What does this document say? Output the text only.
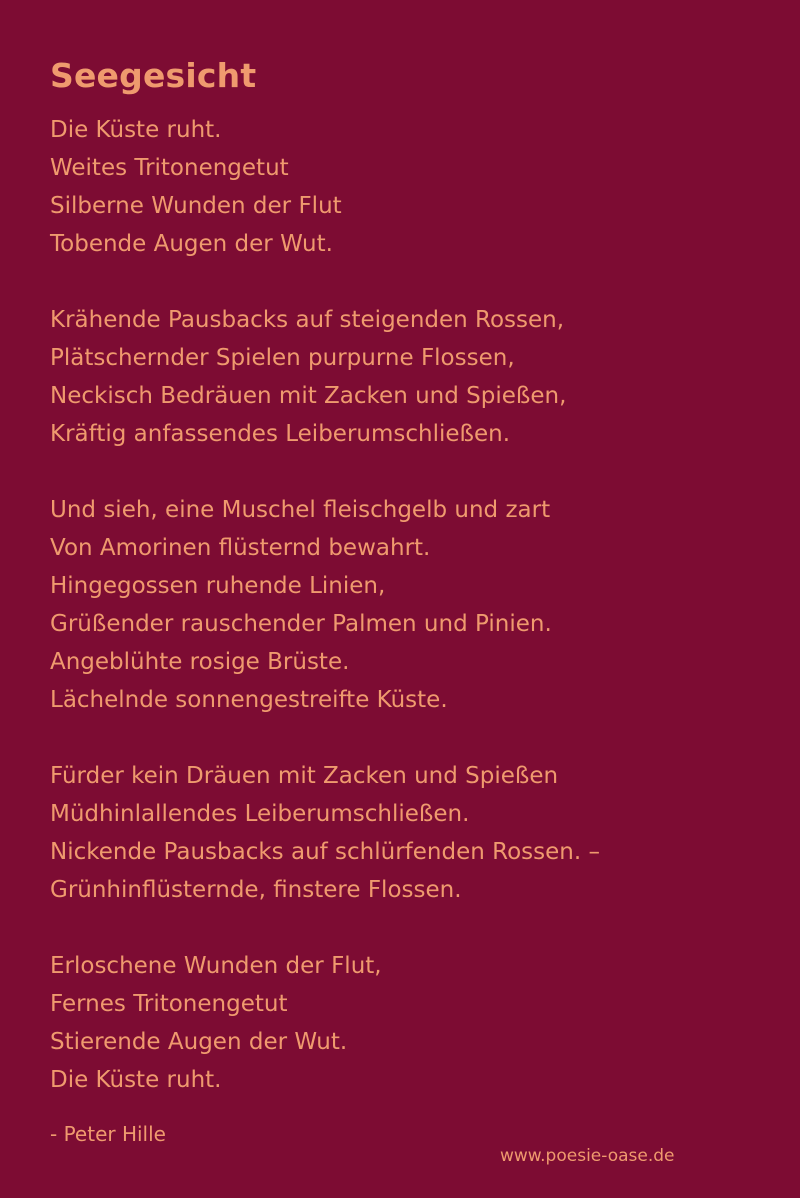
Seegesicht
Die Küste ruht.
Weites Tritonengetut
Silberne Wunden der Flut
Tobende Augen der Wut.
Krähende Pausbacks auf steigenden Rossen,
Plätschernder Spielen purpurne Flossen,
Neckisch Bedräuen mit Zacken und Spießen,
Kräftig anfassendes Leiberumschließen.
Und sieh, eine Muschel fleischgelb und zart
Von Amorinen flüsternd bewahrt.
Hingegossen ruhende Linien,
Grüßender rauschender Palmen und Pinien.
Angeblühte rosige Brüste.
Lächelnde sonnengestreifte Küste.
Fürder kein Dräuen mit Zacken und Spießen
Müdhinlallendes Leiberumschließen.
Nickende Pausbacks auf schlürfenden Rossen. –
Grünhinflüsternde, finstere Flossen.
Erloschene Wunden der Flut,
Fernes Tritonengetut
Stierende Augen der Wut.
Die Küste ruht.
- Peter Hille
www.poesie-oase.de
